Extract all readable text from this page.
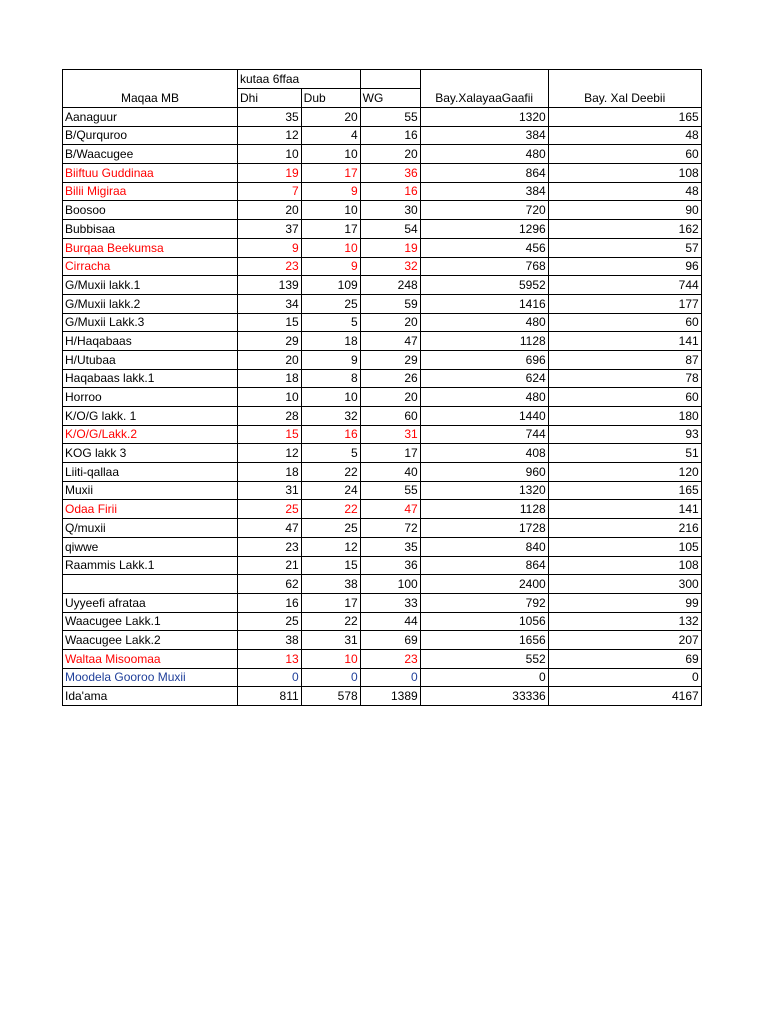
Maqaa MB	kutaa 6ffaa			Bay.XalayaaGaafii	Bay. Xal Deebii
	Dhi	Dub	WG		
Aanaguur	35	20	55	1320	165
B/Qurquroo	12	4	16	384	48
B/Waacugee	10	10	20	480	60
Biiftuu Guddinaa	19	17	36	864	108
Bilii Migiraa	7	9	16	384	48
Boosoo	20	10	30	720	90
Bubbisaa	37	17	54	1296	162
Burqaa Beekumsa	9	10	19	456	57
Cirracha	23	9	32	768	96
G/Muxii lakk.1	139	109	248	5952	744
G/Muxii lakk.2	34	25	59	1416	177
G/Muxii Lakk.3	15	5	20	480	60
H/Haqabaas	29	18	47	1128	141
H/Utubaa	20	9	29	696	87
Haqabaas lakk.1	18	8	26	624	78
Horroo	10	10	20	480	60
K/O/G lakk. 1	28	32	60	1440	180
K/O/G/Lakk.2	15	16	31	744	93
KOG lakk 3	12	5	17	408	51
Liiti-qallaa	18	22	40	960	120
Muxii	31	24	55	1320	165
Odaa Firii	25	22	47	1128	141
Q/muxii	47	25	72	1728	216
qiwwe	23	12	35	840	105
Raammis Lakk.1	21	15	36	864	108
	62	38	100	2400	300
Uyyeefi afrataa	16	17	33	792	99
Waacugee Lakk.1	25	22	44	1056	132
Waacugee Lakk.2	38	31	69	1656	207
Waltaa Misoomaa	13	10	23	552	69
Moodela Gooroo Muxii	0	0	0	0	0
Ida'ama	811	578	1389	33336	4167
